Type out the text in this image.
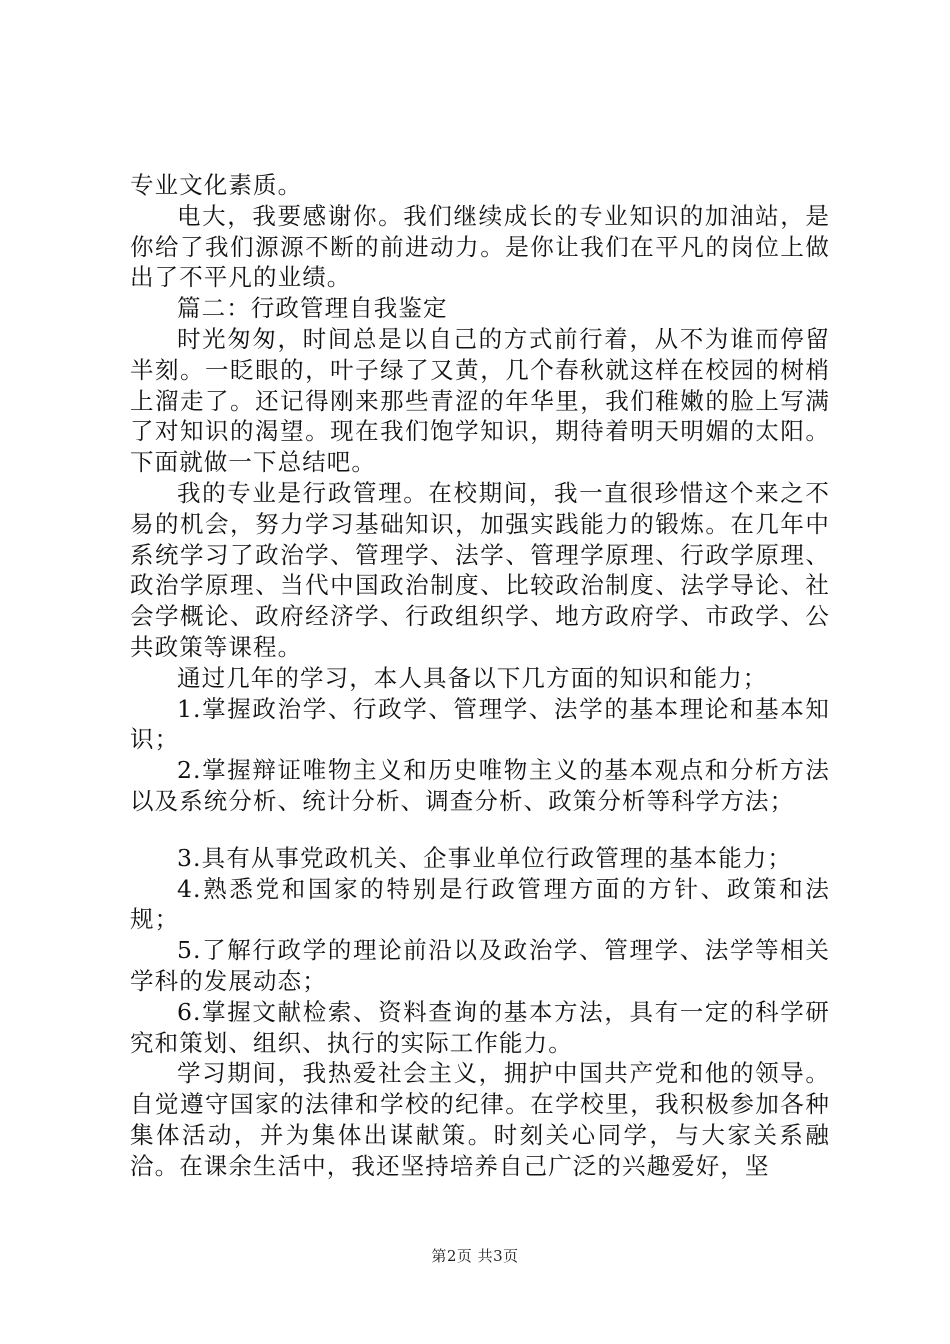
专业文化素质。

电大，我要感谢你。我们继续成长的专业知识的加油站，是你给了我们源源不断的前进动力。是你让我们在平凡的岗位上做出了不平凡的业绩。

篇二：行政管理自我鉴定

时光匆匆，时间总是以自己的方式前行着，从不为谁而停留半刻。一眨眼的，叶子绿了又黄，几个春秋就这样在校园的树梢上溜走了。还记得刚来那些青涩的年华里，我们稚嫩的脸上写满了对知识的渴望。现在我们饱学知识，期待着明天明媚的太阳。下面就做一下总结吧。

我的专业是行政管理。在校期间，我一直很珍惜这个来之不易的机会，努力学习基础知识，加强实践能力的锻炼。在几年中系统学习了政治学、管理学、法学、管理学原理、行政学原理、政治学原理、当代中国政治制度、比较政治制度、法学导论、社会学概论、政府经济学、行政组织学、地方政府学、市政学、公共政策等课程。

通过几年的学习，本人具备以下几方面的知识和能力；

1.掌握政治学、行政学、管理学、法学的基本理论和基本知识；

2.掌握辩证唯物主义和历史唯物主义的基本观点和分析方法以及系统分析、统计分析、调查分析、政策分析等科学方法；

3.具有从事党政机关、企事业单位行政管理的基本能力；

4.熟悉党和国家的特别是行政管理方面的方针、政策和法规；

5.了解行政学的理论前沿以及政治学、管理学、法学等相关学科的发展动态；

6.掌握文献检索、资料查询的基本方法，具有一定的科学研究和策划、组织、执行的实际工作能力。

学习期间，我热爱社会主义，拥护中国共产党和他的领导。自觉遵守国家的法律和学校的纪律。在学校里，我积极参加各种集体活动，并为集体出谋献策。时刻关心同学，与大家关系融洽。在课余生活中，我还坚持培养自己广泛的兴趣爱好，坚

第2页 共3页
